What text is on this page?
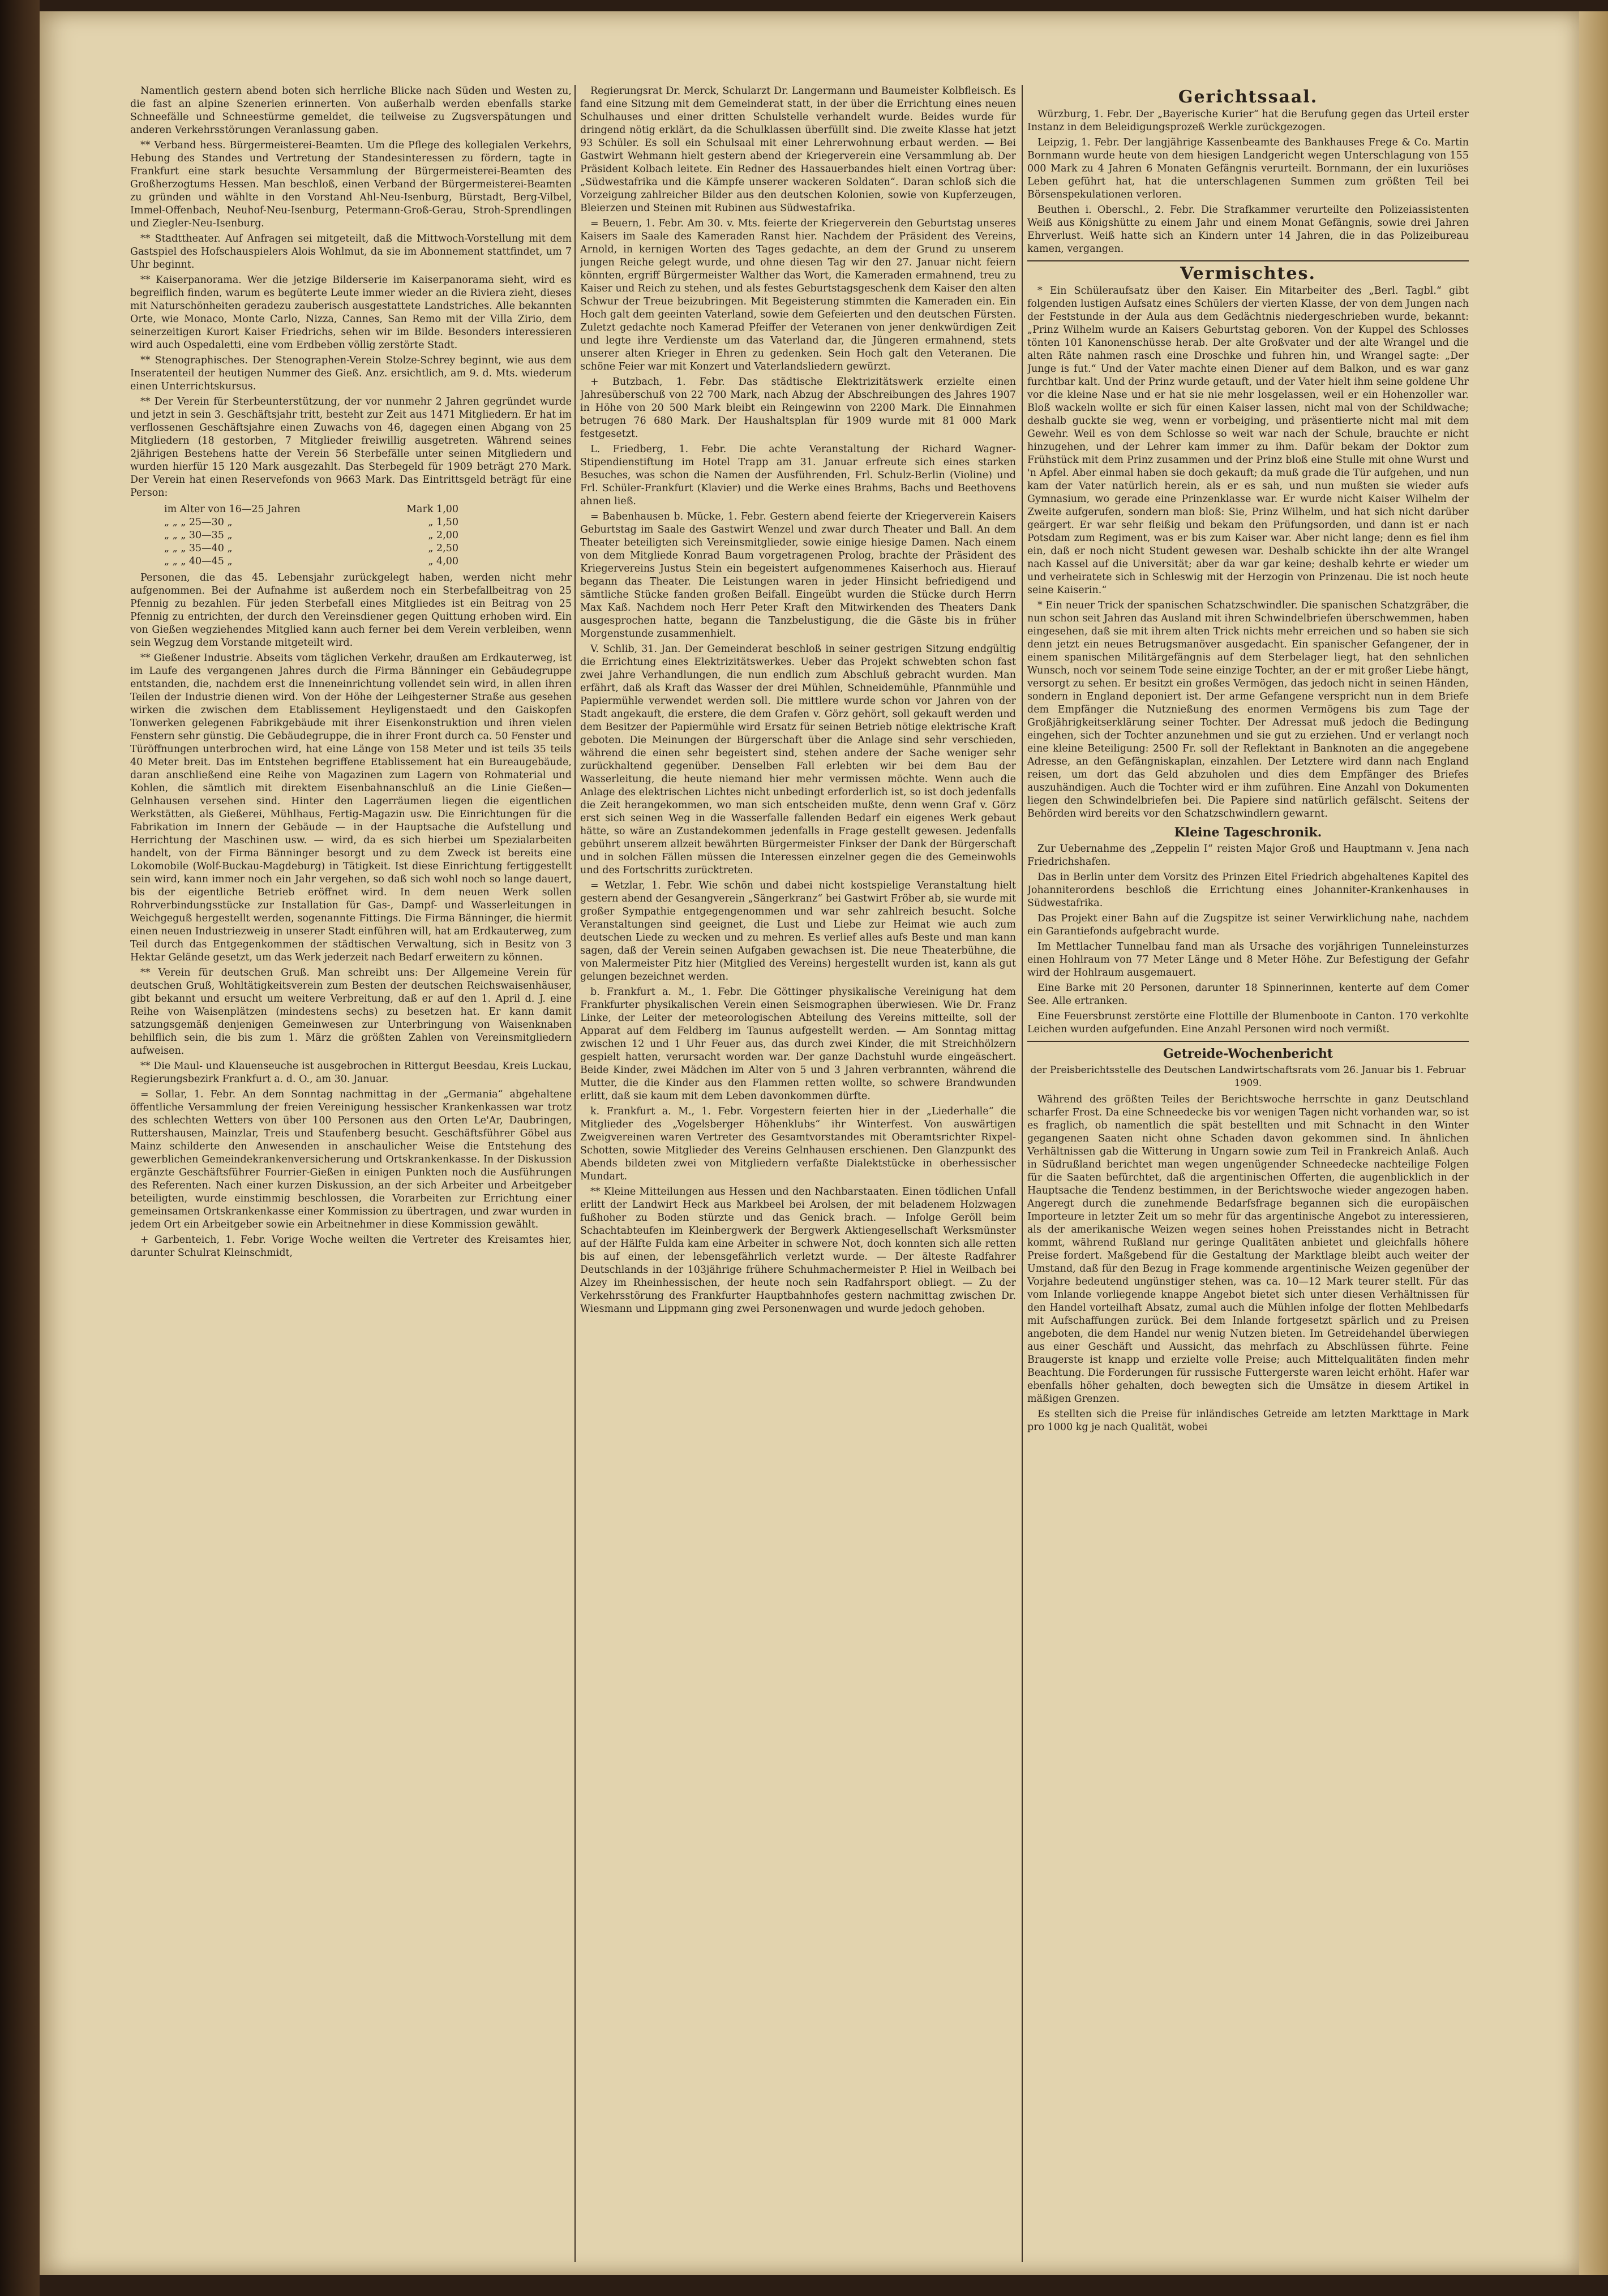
Namentlich gestern abend boten sich herrliche Blicke nach Süden und Westen zu, die fast an alpine Szenerien erinnerten. Von außerhalb werden ebenfalls starke Schneefälle und Schneestürme gemeldet, die teilweise zu Zugsverspätungen und anderen Verkehrsstörungen Veranlassung gaben.

** Verband hess. Bürgermeisterei-Beamten. Um die Pflege des kollegialen Verkehrs, Hebung des Standes und Vertretung der Standesinteressen zu fördern, tagte in Frankfurt eine stark besuchte Versammlung der Bürgermeisterei-Beamten des Großherzogtums Hessen. Man beschloß, einen Verband der Bürgermeisterei-Beamten zu gründen und wählte in den Vorstand Ahl-Neu-Isenburg, Bürstadt, Berg-Vilbel, Immel-Offenbach, Neuhof-Neu-Isenburg, Petermann-Groß-Gerau, Stroh-Sprendlingen und Ziegler-Neu-Isenburg.

** Stadttheater. Auf Anfragen sei mitgeteilt, daß die Mittwoch-Vorstellung mit dem Gastspiel des Hofschauspielers Alois Wohlmut, da sie im Abonnement stattfindet, um 7 Uhr beginnt.

** Kaiserpanorama. Wer die jetzige Bilderserie im Kaiserpanorama sieht, wird es begreiflich finden, warum es begüterte Leute immer wieder an die Riviera zieht, dieses mit Naturschönheiten geradezu zauberisch ausgestattete Landstriches. Alle bekannten Orte, wie Monaco, Monte Carlo, Nizza, Cannes, San Remo mit der Villa Zirio, dem seinerzeitigen Kurort Kaiser Friedrichs, sehen wir im Bilde. Besonders interessieren wird auch Ospedaletti, eine vom Erdbeben völlig zerstörte Stadt.

** Stenographisches. Der Stenographen-Verein Stolze-Schrey beginnt, wie aus dem Inseratenteil der heutigen Nummer des Gieß. Anz. ersichtlich, am 9. d. Mts. wiederum einen Unterrichtskursus.

** Der Verein für Sterbeunterstützung, der vor nunmehr 2 Jahren gegründet wurde und jetzt in sein 3. Geschäftsjahr tritt, besteht zur Zeit aus 1471 Mitgliedern. Er hat im verflossenen Geschäftsjahre einen Zuwachs von 46, dagegen einen Abgang von 25 Mitgliedern (18 gestorben, 7 Mitglieder freiwillig ausgetreten. Während seines 2jährigen Bestehens hatte der Verein 56 Sterbefälle unter seinen Mitgliedern und wurden hierfür 15 120 Mark ausgezahlt. Das Sterbegeld für 1909 beträgt 270 Mark. Der Verein hat einen Reservefonds von 9663 Mark. Das Eintrittsgeld beträgt für eine Person:

im Alter von 16—25 Jahren	Mark 1,00
„ „ „ 25—30 „	„ 1,50
„ „ „ 30—35 „	„ 2,00
„ „ „ 35—40 „	„ 2,50
„ „ „ 40—45 „	„ 4,00

Personen, die das 45. Lebensjahr zurückgelegt haben, werden nicht mehr aufgenommen. Bei der Aufnahme ist außerdem noch ein Sterbefallbeitrag von 25 Pfennig zu bezahlen. Für jeden Sterbefall eines Mitgliedes ist ein Beitrag von 25 Pfennig zu entrichten, der durch den Vereinsdiener gegen Quittung erhoben wird. Ein von Gießen wegziehendes Mitglied kann auch ferner bei dem Verein verbleiben, wenn sein Wegzug dem Vorstande mitgeteilt wird.

** Gießener Industrie. Abseits vom täglichen Verkehr, draußen am Erdkauterweg, ist im Laufe des vergangenen Jahres durch die Firma Bänninger ein Gebäudegruppe entstanden, die, nachdem erst die Inneneinrichtung vollendet sein wird, in allen ihren Teilen der Industrie dienen wird. Von der Höhe der Leihgesterner Straße aus gesehen wirken die zwischen dem Etablissement Heyligenstaedt und den Gaiskopfen Tonwerken gelegenen Fabrikgebäude mit ihrer Eisenkonstruktion und ihren vielen Fenstern sehr günstig. Die Gebäudegruppe, die in ihrer Front durch ca. 50 Fenster und Türöffnungen unterbrochen wird, hat eine Länge von 158 Meter und ist teils 35 teils 40 Meter breit. Das im Entstehen begriffene Etablissement hat ein Bureaugebäude, daran anschließend eine Reihe von Magazinen zum Lagern von Rohmaterial und Kohlen, die sämtlich mit direktem Eisenbahnanschluß an die Linie Gießen—Gelnhausen versehen sind. Hinter den Lagerräumen liegen die eigentlichen Werkstätten, als Gießerei, Mühlhaus, Fertig-Magazin usw. Die Einrichtungen für die Fabrikation im Innern der Gebäude — in der Hauptsache die Aufstellung und Herrichtung der Maschinen usw. — wird, da es sich hierbei um Spezialarbeiten handelt, von der Firma Bänninger besorgt und zu dem Zweck ist bereits eine Lokomobile (Wolf-Buckau-Magdeburg) in Tätigkeit. Ist diese Einrichtung fertiggestellt sein wird, kann immer noch ein Jahr vergehen, so daß sich wohl noch so lange dauert, bis der eigentliche Betrieb eröffnet wird. In dem neuen Werk sollen Rohrverbindungsstücke zur Installation für Gas-, Dampf- und Wasserleitungen in Weichgeguß hergestellt werden, sogenannte Fittings. Die Firma Bänninger, die hiermit einen neuen Industriezweig in unserer Stadt einführen will, hat am Erdkauterweg, zum Teil durch das Entgegenkommen der städtischen Verwaltung, sich in Besitz von 3 Hektar Gelände gesetzt, um das Werk jederzeit nach Bedarf erweitern zu können.

** Verein für deutschen Gruß. Man schreibt uns: Der Allgemeine Verein für deutschen Gruß, Wohltätigkeitsverein zum Besten der deutschen Reichswaisenhäuser, gibt bekannt und ersucht um weitere Verbreitung, daß er auf den 1. April d. J. eine Reihe von Waisenplätzen (mindestens sechs) zu besetzen hat. Er kann damit satzungsgemäß denjenigen Gemeinwesen zur Unterbringung von Waisenknaben behilflich sein, die bis zum 1. März die größten Zahlen von Vereinsmitgliedern aufweisen.

** Die Maul- und Klauenseuche ist ausgebrochen in Rittergut Beesdau, Kreis Luckau, Regierungsbezirk Frankfurt a. d. O., am 30. Januar.

= Sollar, 1. Febr. An dem Sonntag nachmittag in der „Germania“ abgehaltene öffentliche Versammlung der freien Vereinigung hessischer Krankenkassen war trotz des schlechten Wetters von über 100 Personen aus den Orten Le'Ar, Daubringen, Ruttershausen, Mainzlar, Treis und Staufenberg besucht. Geschäftsführer Göbel aus Mainz schilderte den Anwesenden in anschaulicher Weise die Entstehung des gewerblichen Gemeindekrankenversicherung und Ortskrankenkasse. In der Diskussion ergänzte Geschäftsführer Fourrier-Gießen in einigen Punkten noch die Ausführungen des Referenten. Nach einer kurzen Diskussion, an der sich Arbeiter und Arbeitgeber beteiligten, wurde einstimmig beschlossen, die Vorarbeiten zur Errichtung einer gemeinsamen Ortskrankenkasse einer Kommission zu übertragen, und zwar wurden in jedem Ort ein Arbeitgeber sowie ein Arbeitnehmer in diese Kommission gewählt.

+ Garbenteich, 1. Febr. Vorige Woche weilten die Vertreter des Kreisamtes hier, darunter Schulrat Kleinschmidt,

Regierungsrat Dr. Merck, Schularzt Dr. Langermann und Baumeister Kolbfleisch. Es fand eine Sitzung mit dem Gemeinderat statt, in der über die Errichtung eines neuen Schulhauses und einer dritten Schulstelle verhandelt wurde. Beides wurde für dringend nötig erklärt, da die Schulklassen überfüllt sind. Die zweite Klasse hat jetzt 93 Schüler. Es soll ein Schulsaal mit einer Lehrerwohnung erbaut werden. — Bei Gastwirt Wehmann hielt gestern abend der Kriegerverein eine Versammlung ab. Der Präsident Kolbach leitete. Ein Redner des Hassauerbandes hielt einen Vortrag über: „Südwestafrika und die Kämpfe unserer wackeren Soldaten“. Daran schloß sich die Vorzeigung zahlreicher Bilder aus den deutschen Kolonien, sowie von Kupferzeugen, Bleierzen und Steinen mit Rubinen aus Südwestafrika.

= Beuern, 1. Febr. Am 30. v. Mts. feierte der Kriegerverein den Geburtstag unseres Kaisers im Saale des Kameraden Ranst hier. Nachdem der Präsident des Vereins, Arnold, in kernigen Worten des Tages gedachte, an dem der Grund zu unserem jungen Reiche gelegt wurde, und ohne diesen Tag wir den 27. Januar nicht feiern könnten, ergriff Bürgermeister Walther das Wort, die Kameraden ermahnend, treu zu Kaiser und Reich zu stehen, und als festes Geburtstagsgeschenk dem Kaiser den alten Schwur der Treue beizubringen. Mit Begeisterung stimmten die Kameraden ein. Ein Hoch galt dem geeinten Vaterland, sowie dem Gefeierten und den deutschen Fürsten. Zuletzt gedachte noch Kamerad Pfeiffer der Veteranen von jener denkwürdigen Zeit und legte ihre Verdienste um das Vaterland dar, die Jüngeren ermahnend, stets unserer alten Krieger in Ehren zu gedenken. Sein Hoch galt den Veteranen. Die schöne Feier war mit Konzert und Vaterlandsliedern gewürzt.

+ Butzbach, 1. Febr. Das städtische Elektrizitätswerk erzielte einen Jahresüberschuß von 22 700 Mark, nach Abzug der Abschreibungen des Jahres 1907 in Höhe von 20 500 Mark bleibt ein Reingewinn von 2200 Mark. Die Einnahmen betrugen 76 680 Mark. Der Haushaltsplan für 1909 wurde mit 81 000 Mark festgesetzt.

L. Friedberg, 1. Febr. Die achte Veranstaltung der Richard Wagner-Stipendienstiftung im Hotel Trapp am 31. Januar erfreute sich eines starken Besuches, was schon die Namen der Ausführenden, Frl. Schulz-Berlin (Violine) und Frl. Schüler-Frankfurt (Klavier) und die Werke eines Brahms, Bachs und Beethovens ahnen ließ.

= Babenhausen b. Mücke, 1. Febr. Gestern abend feierte der Kriegerverein Kaisers Geburtstag im Saale des Gastwirt Wenzel und zwar durch Theater und Ball. An dem Theater beteiligten sich Vereinsmitglieder, sowie einige hiesige Damen. Nach einem von dem Mitgliede Konrad Baum vorgetragenen Prolog, brachte der Präsident des Kriegervereins Justus Stein ein begeistert aufgenommenes Kaiserhoch aus. Hierauf begann das Theater. Die Leistungen waren in jeder Hinsicht befriedigend und sämtliche Stücke fanden großen Beifall. Eingeübt wurden die Stücke durch Herrn Max Kaß. Nachdem noch Herr Peter Kraft den Mitwirkenden des Theaters Dank ausgesprochen hatte, begann die Tanzbelustigung, die die Gäste bis in früher Morgenstunde zusammenhielt.

V. Schlib, 31. Jan. Der Gemeinderat beschloß in seiner gestrigen Sitzung endgültig die Errichtung eines Elektrizitätswerkes. Ueber das Projekt schwebten schon fast zwei Jahre Verhandlungen, die nun endlich zum Abschluß gebracht wurden. Man erfährt, daß als Kraft das Wasser der drei Mühlen, Schneidemühle, Pfannmühle und Papiermühle verwendet werden soll. Die mittlere wurde schon vor Jahren von der Stadt angekauft, die erstere, die dem Grafen v. Görz gehört, soll gekauft werden und dem Besitzer der Papiermühle wird Ersatz für seinen Betrieb nötige elektrische Kraft geboten. Die Meinungen der Bürgerschaft über die Anlage sind sehr verschieden, während die einen sehr begeistert sind, stehen andere der Sache weniger sehr zurückhaltend gegenüber. Denselben Fall erlebten wir bei dem Bau der Wasserleitung, die heute niemand hier mehr vermissen möchte. Wenn auch die Anlage des elektrischen Lichtes nicht unbedingt erforderlich ist, so ist doch jedenfalls die Zeit herangekommen, wo man sich entscheiden mußte, denn wenn Graf v. Görz erst sich seinen Weg in die Wasserfalle fallenden Bedarf ein eigenes Werk gebaut hätte, so wäre an Zustandekommen jedenfalls in Frage gestellt gewesen. Jedenfalls gebührt unserem allzeit bewährten Bürgermeister Finkser der Dank der Bürgerschaft und in solchen Fällen müssen die Interessen einzelner gegen die des Gemeinwohls und des Fortschritts zurücktreten.

= Wetzlar, 1. Febr. Wie schön und dabei nicht kostspielige Veranstaltung hielt gestern abend der Gesangverein „Sängerkranz“ bei Gastwirt Fröber ab, sie wurde mit großer Sympathie entgegengenommen und war sehr zahlreich besucht. Solche Veranstaltungen sind geeignet, die Lust und Liebe zur Heimat wie auch zum deutschen Liede zu wecken und zu mehren. Es verlief alles aufs Beste und man kann sagen, daß der Verein seinen Aufgaben gewachsen ist. Die neue Theaterbühne, die von Malermeister Pitz hier (Mitglied des Vereins) hergestellt wurden ist, kann als gut gelungen bezeichnet werden.

b. Frankfurt a. M., 1. Febr. Die Göttinger physikalische Vereinigung hat dem Frankfurter physikalischen Verein einen Seismographen überwiesen. Wie Dr. Franz Linke, der Leiter der meteorologischen Abteilung des Vereins mitteilte, soll der Apparat auf dem Feldberg im Taunus aufgestellt werden. — Am Sonntag mittag zwischen 12 und 1 Uhr Feuer aus, das durch zwei Kinder, die mit Streichhölzern gespielt hatten, verursacht worden war. Der ganze Dachstuhl wurde eingeäschert. Beide Kinder, zwei Mädchen im Alter von 5 und 3 Jahren verbrannten, während die Mutter, die die Kinder aus den Flammen retten wollte, so schwere Brandwunden erlitt, daß sie kaum mit dem Leben davonkommen dürfte.

k. Frankfurt a. M., 1. Febr. Vorgestern feierten hier in der „Liederhalle“ die Mitglieder des „Vogelsberger Höhenklubs“ ihr Winterfest. Von auswärtigen Zweigvereinen waren Vertreter des Gesamtvorstandes mit Oberamtsrichter Rixpel-Schotten, sowie Mitglieder des Vereins Gelnhausen erschienen. Den Glanzpunkt des Abends bildeten zwei von Mitgliedern verfaßte Dialektstücke in oberhessischer Mundart.

** Kleine Mitteilungen aus Hessen und den Nachbarstaaten. Einen tödlichen Unfall erlitt der Landwirt Heck aus Markbeel bei Arolsen, der mit beladenem Holzwagen fußhoher zu Boden stürzte und das Genick brach. — Infolge Geröll beim Schachtabteufen im Kleinbergwerk der Bergwerk Aktiengesellschaft Werksmünster auf der Hälfte Fulda kam eine Arbeiter in schwere Not, doch konnten sich alle retten bis auf einen, der lebensgefährlich verletzt wurde. — Der älteste Radfahrer Deutschlands in der 103jährige frühere Schuhmachermeister P. Hiel in Weilbach bei Alzey im Rheinhessischen, der heute noch sein Radfahrsport obliegt. — Zu der Verkehrsstörung des Frankfurter Hauptbahnhofes gestern nachmittag zwischen Dr. Wiesmann und Lippmann ging zwei Personenwagen und wurde jedoch gehoben.

Gerichtssaal.

Würzburg, 1. Febr. Der „Bayerische Kurier“ hat die Berufung gegen das Urteil erster Instanz in dem Beleidigungsprozeß Werkle zurückgezogen.

Leipzig, 1. Febr. Der langjährige Kassenbeamte des Bankhauses Frege & Co. Martin Bornmann wurde heute von dem hiesigen Landgericht wegen Unterschlagung von 155 000 Mark zu 4 Jahren 6 Monaten Gefängnis verurteilt. Bornmann, der ein luxuriöses Leben geführt hat, hat die unterschlagenen Summen zum größten Teil bei Börsenspekulationen verloren.

Beuthen i. Oberschl., 2. Febr. Die Strafkammer verurteilte den Polizeiassistenten Weiß aus Königshütte zu einem Jahr und einem Monat Gefängnis, sowie drei Jahren Ehrverlust. Weiß hatte sich an Kindern unter 14 Jahren, die in das Polizeibureau kamen, vergangen.

Vermischtes.

* Ein Schüleraufsatz über den Kaiser. Ein Mitarbeiter des „Berl. Tagbl.“ gibt folgenden lustigen Aufsatz eines Schülers der vierten Klasse, der von dem Jungen nach der Feststunde in der Aula aus dem Gedächtnis niedergeschrieben wurde, bekannt: „Prinz Wilhelm wurde an Kaisers Geburtstag geboren. Von der Kuppel des Schlosses tönten 101 Kanonenschüsse herab. Der alte Großvater und der alte Wrangel und die alten Räte nahmen rasch eine Droschke und fuhren hin, und Wrangel sagte: „Der Junge is fut.“ Und der Vater machte einen Diener auf dem Balkon, und es war ganz furchtbar kalt. Und der Prinz wurde getauft, und der Vater hielt ihm seine goldene Uhr vor die kleine Nase und er hat sie nie mehr losgelassen, weil er ein Hohenzoller war. Bloß wackeln wollte er sich für einen Kaiser lassen, nicht mal von der Schildwache; deshalb guckte sie weg, wenn er vorbeiging, und präsentierte nicht mal mit dem Gewehr. Weil es von dem Schlosse so weit war nach der Schule, brauchte er nicht hinzugehen, und der Lehrer kam immer zu ihm. Dafür bekam der Doktor zum Frühstück mit dem Prinz zusammen und der Prinz bloß eine Stulle mit ohne Wurst und 'n Apfel. Aber einmal haben sie doch gekauft; da muß grade die Tür aufgehen, und nun kam der Vater natürlich herein, als er es sah, und nun mußten sie wieder aufs Gymnasium, wo gerade eine Prinzenklasse war. Er wurde nicht Kaiser Wilhelm der Zweite aufgerufen, sondern man bloß: Sie, Prinz Wilhelm, und hat sich nicht darüber geärgert. Er war sehr fleißig und bekam den Prüfungsorden, und dann ist er nach Potsdam zum Regiment, was er bis zum Kaiser war. Aber nicht lange; denn es fiel ihm ein, daß er noch nicht Student gewesen war. Deshalb schickte ihn der alte Wrangel nach Kassel auf die Universität; aber da war gar keine; deshalb kehrte er wieder um und verheiratete sich in Schleswig mit der Herzogin von Prinzenau. Die ist noch heute seine Kaiserin.“

* Ein neuer Trick der spanischen Schatzschwindler. Die spanischen Schatzgräber, die nun schon seit Jahren das Ausland mit ihren Schwindelbriefen überschwemmen, haben eingesehen, daß sie mit ihrem alten Trick nichts mehr erreichen und so haben sie sich denn jetzt ein neues Betrugsmanöver ausgedacht. Ein spanischer Gefangener, der in einem spanischen Militärgefängnis auf dem Sterbelager liegt, hat den sehnlichen Wunsch, noch vor seinem Tode seine einzige Tochter, an der er mit großer Liebe hängt, versorgt zu sehen. Er besitzt ein großes Vermögen, das jedoch nicht in seinen Händen, sondern in England deponiert ist. Der arme Gefangene verspricht nun in dem Briefe dem Empfänger die Nutznießung des enormen Vermögens bis zum Tage der Großjährigkeitserklärung seiner Tochter. Der Adressat muß jedoch die Bedingung eingehen, sich der Tochter anzunehmen und sie gut zu erziehen. Und er verlangt noch eine kleine Beteiligung: 2500 Fr. soll der Reflektant in Banknoten an die angegebene Adresse, an den Gefängniskaplan, einzahlen. Der Letztere wird dann nach England reisen, um dort das Geld abzuholen und dies dem Empfänger des Briefes auszuhändigen. Auch die Tochter wird er ihm zuführen. Eine Anzahl von Dokumenten liegen den Schwindelbriefen bei. Die Papiere sind natürlich gefälscht. Seitens der Behörden wird bereits vor den Schatzschwindlern gewarnt.

Kleine Tageschronik.

Zur Uebernahme des „Zeppelin I“ reisten Major Groß und Hauptmann v. Jena nach Friedrichshafen.

Das in Berlin unter dem Vorsitz des Prinzen Eitel Friedrich abgehaltenes Kapitel des Johanniterordens beschloß die Errichtung eines Johanniter-Krankenhauses in Südwestafrika.

Das Projekt einer Bahn auf die Zugspitze ist seiner Verwirklichung nahe, nachdem ein Garantiefonds aufgebracht wurde.

Im Mettlacher Tunnelbau fand man als Ursache des vorjährigen Tunneleinsturzes einen Hohlraum von 77 Meter Länge und 8 Meter Höhe. Zur Befestigung der Gefahr wird der Hohlraum ausgemauert.

Eine Barke mit 20 Personen, darunter 18 Spinnerinnen, kenterte auf dem Comer See. Alle ertranken.

Eine Feuersbrunst zerstörte eine Flottille der Blumenboote in Canton. 170 verkohlte Leichen wurden aufgefunden. Eine Anzahl Personen wird noch vermißt.

Getreide-Wochenbericht
der Preisberichtsstelle des Deutschen Landwirtschaftsrats vom 26. Januar bis 1. Februar 1909.

Während des größten Teiles der Berichtswoche herrschte in ganz Deutschland scharfer Frost. Da eine Schneedecke bis vor wenigen Tagen nicht vorhanden war, so ist es fraglich, ob namentlich die spät bestellten und mit Schnacht in den Winter gegangenen Saaten nicht ohne Schaden davon gekommen sind. In ähnlichen Verhältnissen gab die Witterung in Ungarn sowie zum Teil in Frankreich Anlaß. Auch in Südrußland berichtet man wegen ungenügender Schneedecke nachteilige Folgen für die Saaten befürchtet, daß die argentinischen Offerten, die augenblicklich in der Hauptsache die Tendenz bestimmen, in der Berichtswoche wieder angezogen haben. Angeregt durch die zunehmende Bedarfsfrage begannen sich die europäischen Importeure in letzter Zeit um so mehr für das argentinische Angebot zu interessieren, als der amerikanische Weizen wegen seines hohen Preisstandes nicht in Betracht kommt, während Rußland nur geringe Qualitäten anbietet und gleichfalls höhere Preise fordert. Maßgebend für die Gestaltung der Marktlage bleibt auch weiter der Umstand, daß für den Bezug in Frage kommende argentinische Weizen gegenüber der Vorjahre bedeutend ungünstiger stehen, was ca. 10—12 Mark teurer stellt. Für das vom Inlande vorliegende knappe Angebot bietet sich unter diesen Verhältnissen für den Handel vorteilhaft Absatz, zumal auch die Mühlen infolge der flotten Mehlbedarfs mit Aufschaffungen zurück. Bei dem Inlande fortgesetzt spärlich und zu Preisen angeboten, die dem Handel nur wenig Nutzen bieten. Im Getreidehandel überwiegen aus einer Geschäft und Aussicht, das mehrfach zu Abschlüssen führte. Feine Braugerste ist knapp und erzielte volle Preise; auch Mittelqualitäten finden mehr Beachtung. Die Forderungen für russische Futtergerste waren leicht erhöht. Hafer war ebenfalls höher gehalten, doch bewegten sich die Umsätze in diesem Artikel in mäßigen Grenzen.

Es stellten sich die Preise für inländisches Getreide am letzten Markttage in Mark pro 1000 kg je nach Qualität, wobei
